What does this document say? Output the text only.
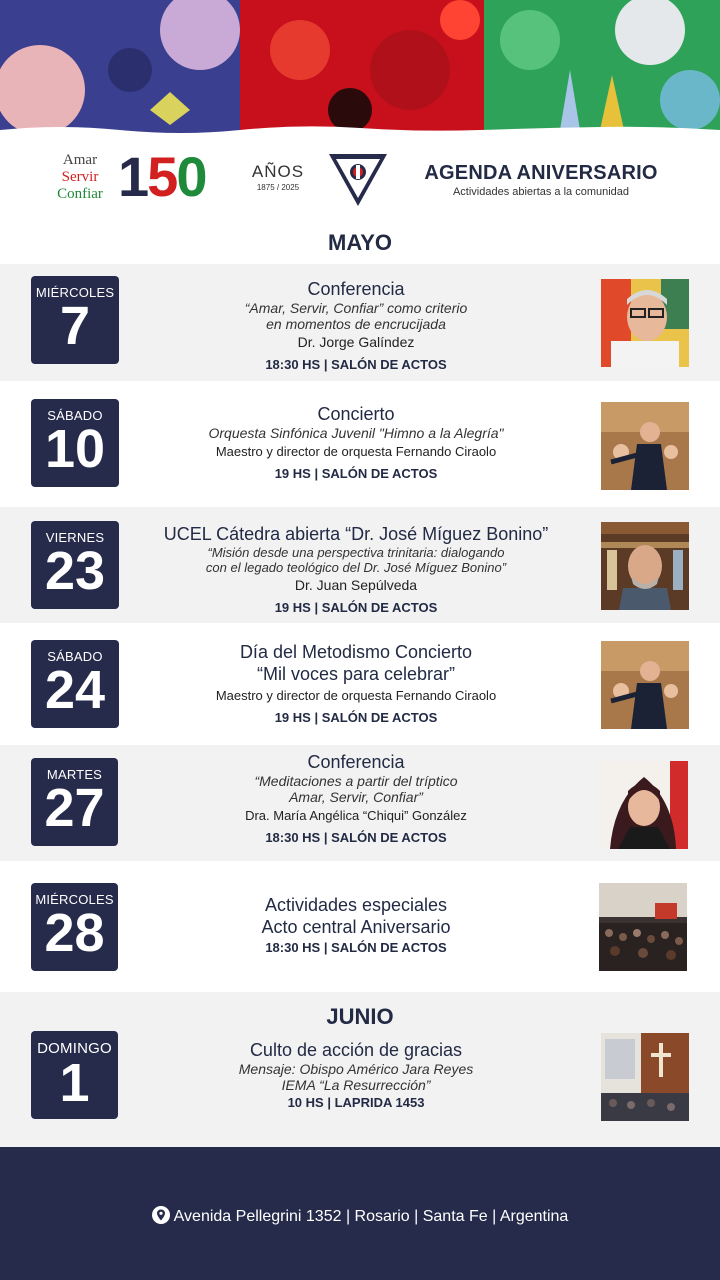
Amar
Servir
Confiar 150	AÑOS
1875 / 2025
AGENDA ANIVERSARIO
Actividades abiertas a la comunidad
MAYO
MIÉRCOLES
7
Conferencia
“Amar, Servir, Confiar” como criterio
en momentos de encrucijada
Dr. Jorge Galíndez
18:30 HS | SALÓN DE ACTOS
SÁBADO
10
Concierto
Orquesta Sinfónica Juvenil "Himno a la Alegría"
Maestro y director de orquesta Fernando Ciraolo
19 HS | SALÓN DE ACTOS
VIERNES
23
UCEL Cátedra abierta “Dr. José Míguez Bonino”
“Misión desde una perspectiva trinitaria: dialogando
con el legado teológico del Dr. José Míguez Bonino”
Dr. Juan Sepúlveda
19 HS | SALÓN DE ACTOS
SÁBADO
24
Día del Metodismo Concierto
“Mil voces para celebrar”
Maestro y director de orquesta Fernando Ciraolo
19 HS | SALÓN DE ACTOS
MARTES
27
Conferencia
“Meditaciones a partir del tríptico
Amar, Servir, Confiar”
Dra. María Angélica “Chiqui” González
18:30 HS | SALÓN DE ACTOS
MIÉRCOLES
28	Actividades especiales
Acto central Aniversario
18:30 HS | SALÓN DE ACTOS
JUNIO
DOMINGO
1
Culto de acción de gracias
Mensaje: Obispo Américo Jara Reyes
IEMA “La Resurrección”
10 HS | LAPRIDA 1453
Avenida Pellegrini 1352 | Rosario | Santa Fe | Argentina
